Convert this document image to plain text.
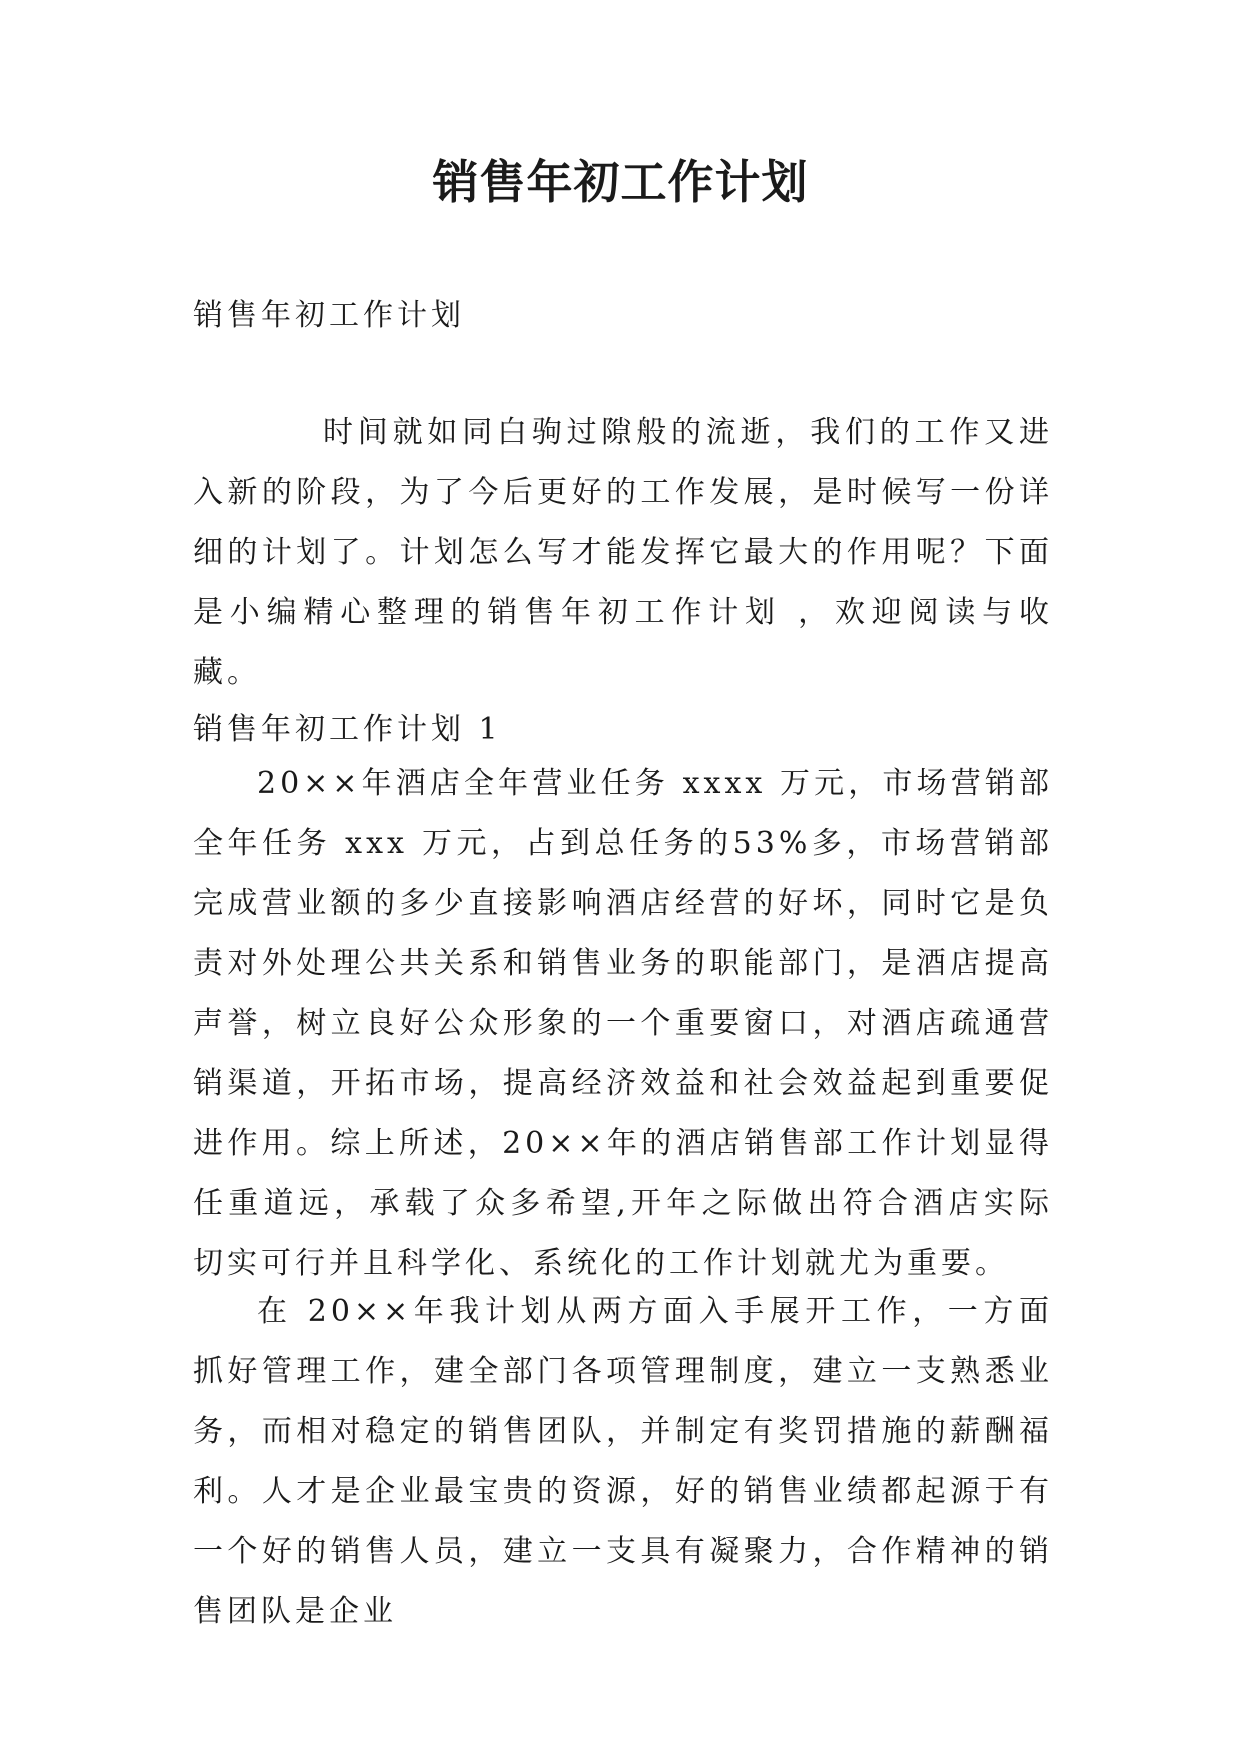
销售年初工作计划

销售年初工作计划

时间就如同白驹过隙般的流逝，我们的工作又进入新的阶段，为了今后更好的工作发展，是时候写一份详细的计划了。计划怎么写才能发挥它最大的作用呢？下面是小编精心整理的销售年初工作计划 ，欢迎阅读与收藏。

销售年初工作计划 1

20××年酒店全年营业任务 xxxx 万元，市场营销部全年任务 xxx 万元，占到总任务的53%多，市场营销部完成营业额的多少直接影响酒店经营的好坏，同时它是负责对外处理公共关系和销售业务的职能部门，是酒店提高声誉，树立良好公众形象的一个重要窗口，对酒店疏通营销渠道，开拓市场，提高经济效益和社会效益起到重要促进作用。综上所述，20××年的酒店销售部工作计划显得任重道远，承载了众多希望,开年之际做出符合酒店实际切实可行并且科学化、系统化的工作计划就尤为重要。

在 20××年我计划从两方面入手展开工作，一方面抓好管理工作，建全部门各项管理制度，建立一支熟悉业务，而相对稳定的销售团队，并制定有奖罚措施的薪酬福利。人才是企业最宝贵的资源，好的销售业绩都起源于有一个好的销售人员，建立一支具有凝聚力，合作精神的销售团队是企业
